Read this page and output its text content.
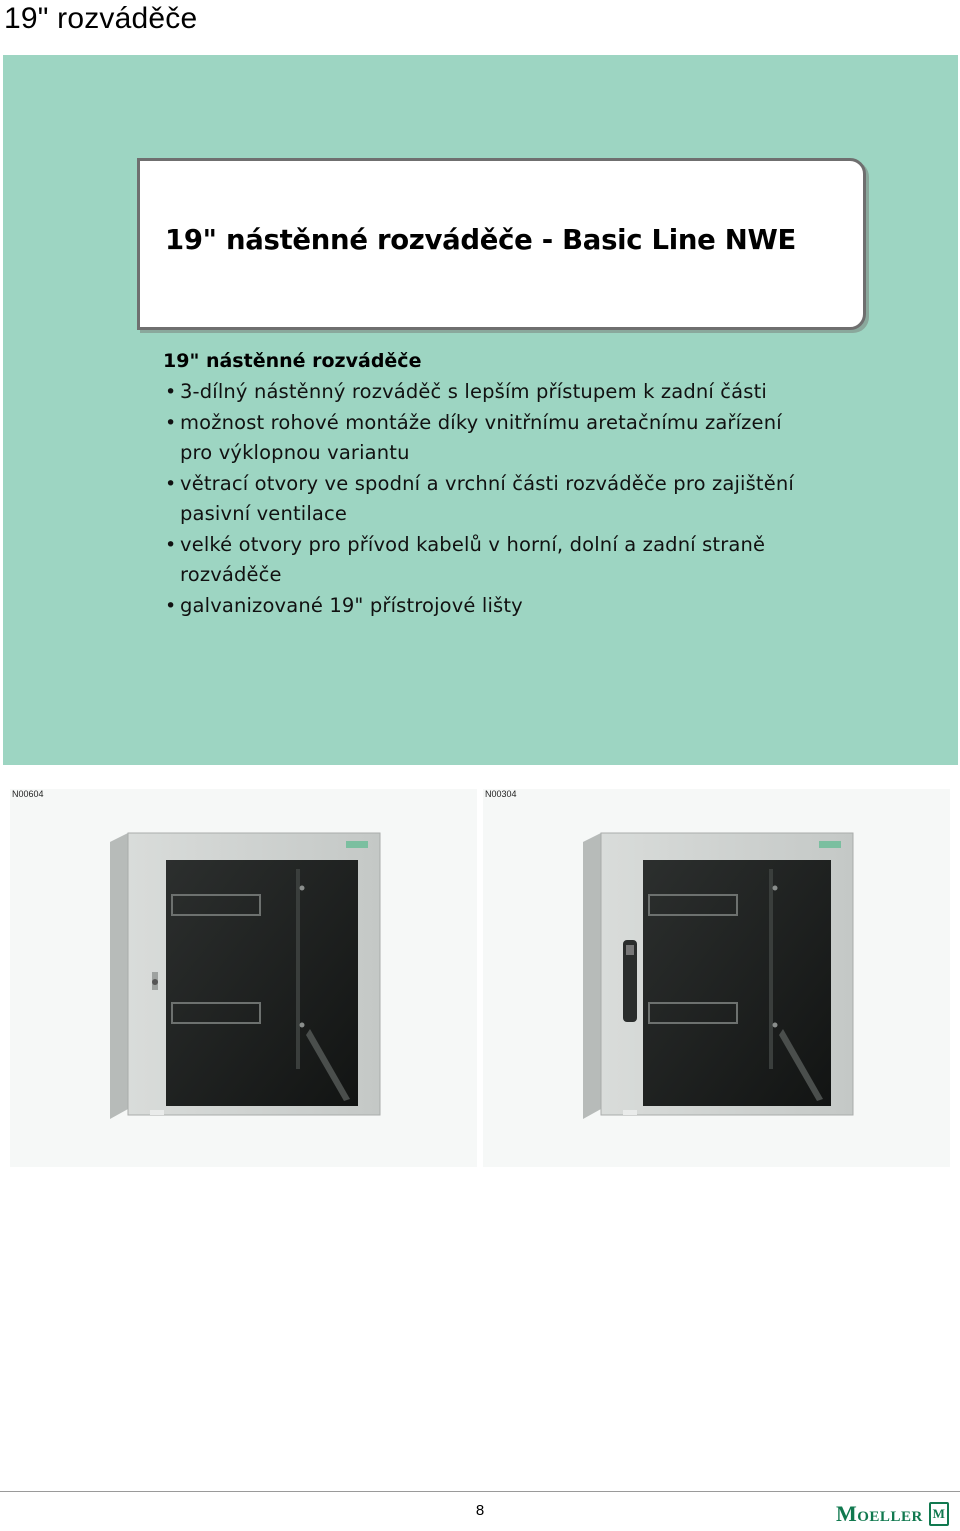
19" rozváděče
19" nástěnné rozváděče - Basic Line NWE
19" nástěnné rozváděče
• 3-dílný nástěnný rozváděč s lepším přístupem k zadní části
• možnost rohové montáže díky vnitřnímu aretačnímu zařízení
pro výklopnou variantu
• větrací otvory ve spodní a vrchní části rozváděče pro zajištění
pasivní ventilace
• velké otvory pro přívod kabelů v horní, dolní a zadní straně
rozváděče
• galvanizované 19" přístrojové lišty
N00604	N00304
8	Moeller M
